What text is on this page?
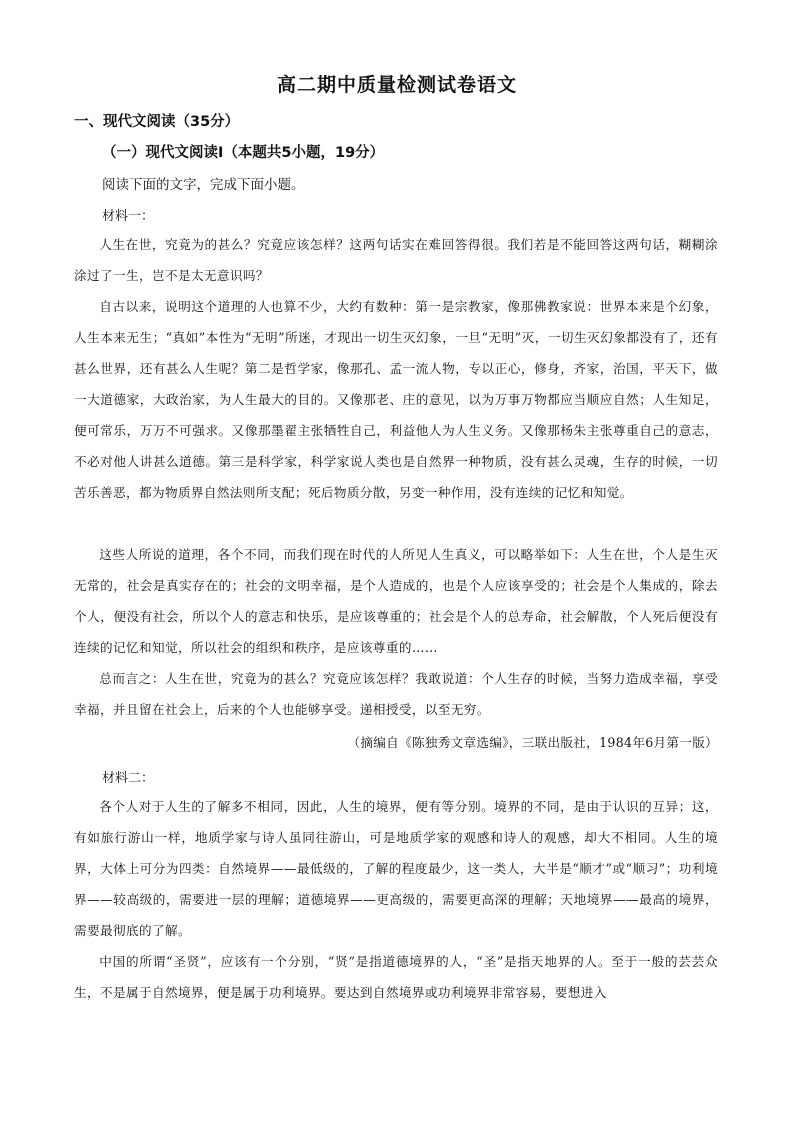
高二期中质量检测试卷语文
一、现代文阅读（35分）
（一）现代文阅读Ⅰ（本题共5小题，19分）
阅读下面的文字，完成下面小题。
材料一：

人生在世，究竟为的甚么？究竟应该怎样？这两句话实在难回答得很。我们若是不能回答这两句话，糊糊涂涂过了一生，岂不是太无意识吗？

自古以来，说明这个道理的人也算不少，大约有数种：第一是宗教家，像那佛教家说：世界本来是个幻象，人生本来无生；“真如”本性为“无明”所迷，才现出一切生灭幻象，一旦“无明”灭，一切生灭幻象都没有了，还有甚么世界，还有甚么人生呢？第二是哲学家，像那孔、孟一流人物，专以正心，修身，齐家，治国，平天下，做一大道德家，大政治家，为人生最大的目的。又像那老、庄的意见，以为万事万物都应当顺应自然；人生知足，便可常乐，万万不可强求。又像那墨翟主张牺牲自己，利益他人为人生义务。又像那杨朱主张尊重自己的意志，不必对他人讲甚么道德。第三是科学家，科学家说人类也是自然界一种物质，没有甚么灵魂，生存的时候，一切苦乐善恶，都为物质界自然法则所支配；死后物质分散，另变一种作用，没有连续的记忆和知觉。

这些人所说的道理，各个不同，而我们现在时代的人所见人生真义，可以略举如下：人生在世，个人是生灭无常的，社会是真实存在的；社会的文明幸福，是个人造成的，也是个人应该享受的；社会是个人集成的，除去个人，便没有社会，所以个人的意志和快乐，是应该尊重的；社会是个人的总寿命，社会解散，个人死后便没有连续的记忆和知觉，所以社会的组织和秩序，是应该尊重的……

总而言之：人生在世，究竟为的甚么？究竟应该怎样？我敢说道：个人生存的时候，当努力造成幸福，享受幸福，并且留在社会上，后来的个人也能够享受。递相授受，以至无穷。

（摘编自《陈独秀文章选编》，三联出版社，1984年6月第一版）
材料二：

各个人对于人生的了解多不相同，因此，人生的境界，便有等分别。境界的不同，是由于认识的互异；这，有如旅行游山一样，地质学家与诗人虽同往游山，可是地质学家的观感和诗人的观感，却大不相同。人生的境界，大体上可分为四类：自然境界——最低级的，了解的程度最少，这一类人，大半是“顺才”或“顺习”；功利境界——较高级的，需要进一层的理解；道德境界——更高级的，需要更高深的理解；天地境界——最高的境界，需要最彻底的了解。

中国的所谓“圣贤”，应该有一个分别，“贤”是指道德境界的人，“圣”是指天地界的人。至于一般的芸芸众生，不是属于自然境界，便是属于功利境界。要达到自然境界或功利境界非常容易，要想进入
